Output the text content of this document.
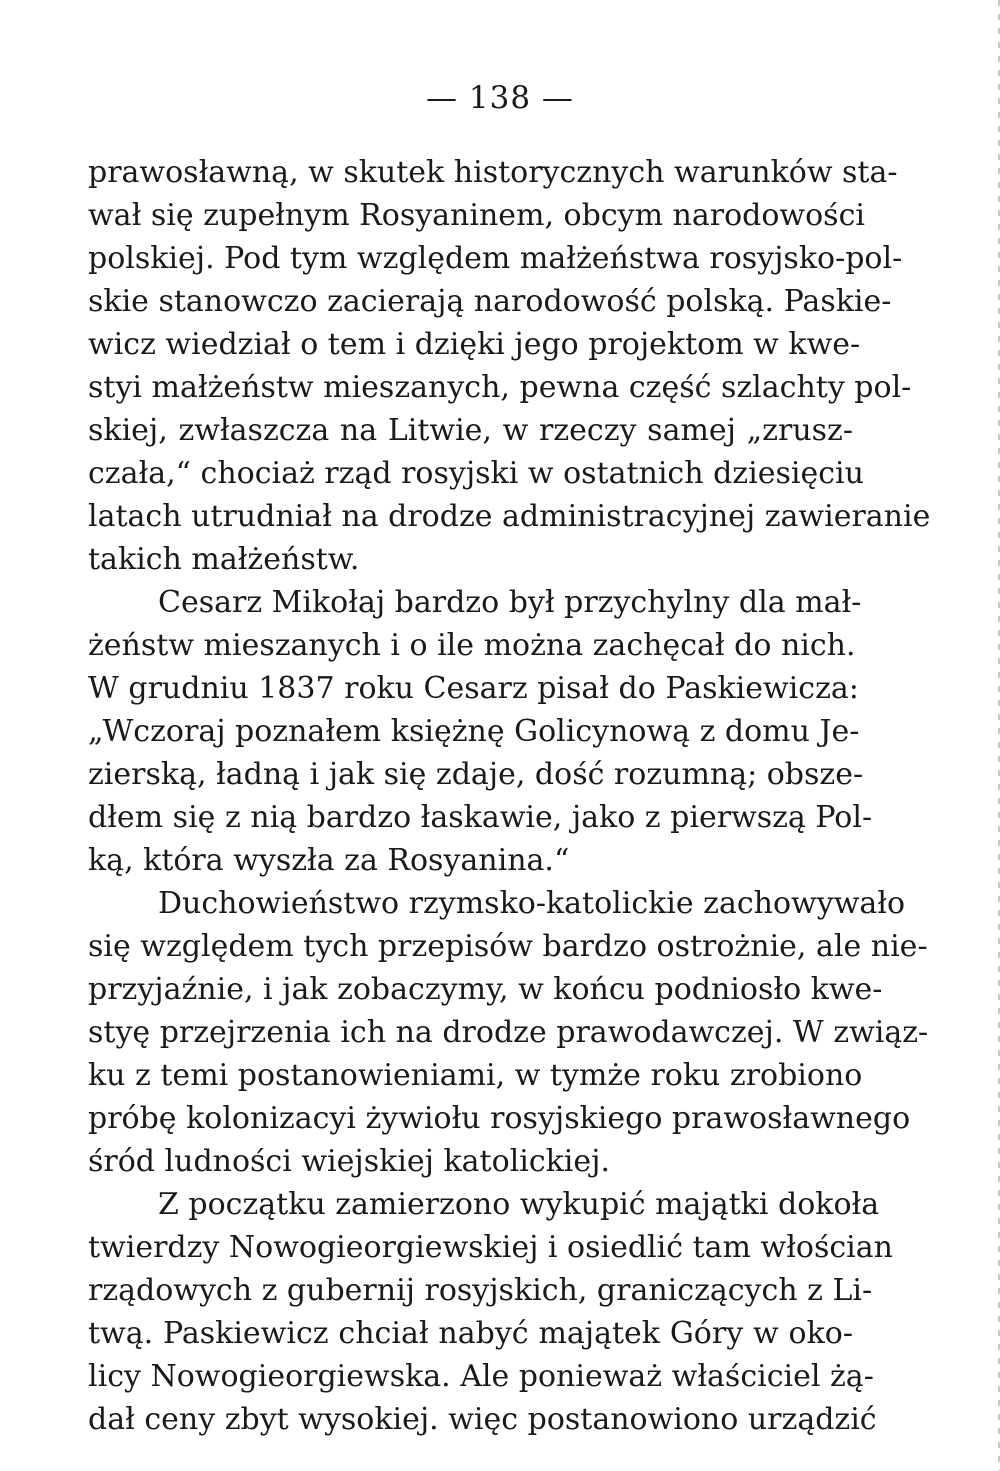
— 138 —
prawosławną, w skutek historycznych warunków sta-
wał się zupełnym Rosyaninem, obcym narodowości
polskiej. Pod tym względem małżeństwa rosyjsko-pol-
skie stanowczo zacierają narodowość polską. Paskie-
wicz wiedział o tem i dzięki jego projektom w kwe-
styi małżeństw mieszanych, pewna część szlachty pol-
skiej, zwłaszcza na Litwie, w rzeczy samej „zrusz-
czała,“ chociaż rząd rosyjski w ostatnich dziesięciu
latach utrudniał na drodze administracyjnej zawieranie
takich małżeństw.
Cesarz Mikołaj bardzo był przychylny dla mał-
żeństw mieszanych i o ile można zachęcał do nich.
W grudniu 1837 roku Cesarz pisał do Paskiewicza:
„Wczoraj poznałem księżnę Golicynową z domu Je-
zierską, ładną i jak się zdaje, dość rozumną; obsze-
dłem się z nią bardzo łaskawie, jako z pierwszą Pol-
ką, która wyszła za Rosyanina.“
Duchowieństwo rzymsko-katolickie zachowywało
się względem tych przepisów bardzo ostrożnie, ale nie-
przyjaźnie, i jak zobaczymy, w końcu podniosło kwe-
styę przejrzenia ich na drodze prawodawczej. W związ-
ku z temi postanowieniami, w tymże roku zrobiono
próbę kolonizacyi żywiołu rosyjskiego prawosławnego
śród ludności wiejskiej katolickiej.
Z początku zamierzono wykupić majątki dokoła
twierdzy Nowogieorgiewskiej i osiedlić tam włościan
rządowych z gubernij rosyjskich, graniczących z Li-
twą. Paskiewicz chciał nabyć majątek Góry w oko-
licy Nowogieorgiewska. Ale ponieważ właściciel żą-
dał ceny zbyt wysokiej. więc postanowiono urządzić
